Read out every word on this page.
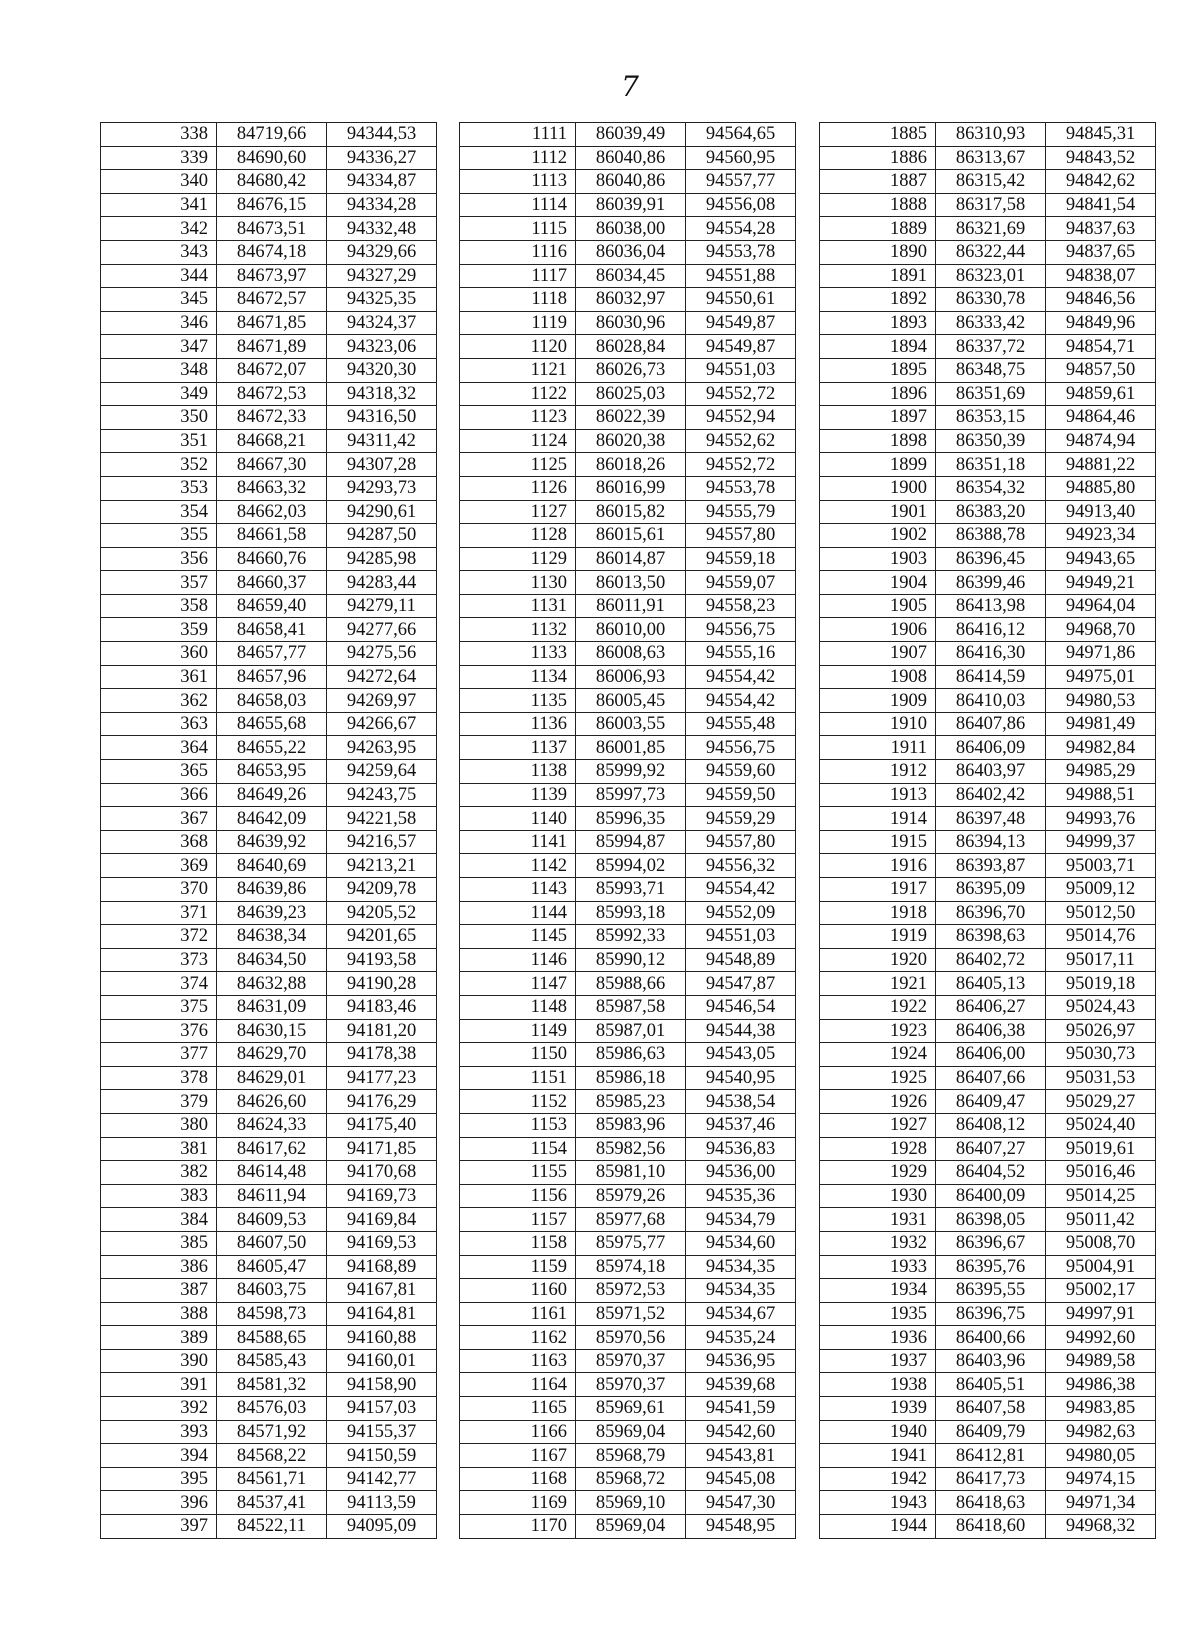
7
338	84719,66	94344,53
339	84690,60	94336,27
340	84680,42	94334,87
341	84676,15	94334,28
342	84673,51	94332,48
343	84674,18	94329,66
344	84673,97	94327,29
345	84672,57	94325,35
346	84671,85	94324,37
347	84671,89	94323,06
348	84672,07	94320,30
349	84672,53	94318,32
350	84672,33	94316,50
351	84668,21	94311,42
352	84667,30	94307,28
353	84663,32	94293,73
354	84662,03	94290,61
355	84661,58	94287,50
356	84660,76	94285,98
357	84660,37	94283,44
358	84659,40	94279,11
359	84658,41	94277,66
360	84657,77	94275,56
361	84657,96	94272,64
362	84658,03	94269,97
363	84655,68	94266,67
364	84655,22	94263,95
365	84653,95	94259,64
366	84649,26	94243,75
367	84642,09	94221,58
368	84639,92	94216,57
369	84640,69	94213,21
370	84639,86	94209,78
371	84639,23	94205,52
372	84638,34	94201,65
373	84634,50	94193,58
374	84632,88	94190,28
375	84631,09	94183,46
376	84630,15	94181,20
377	84629,70	94178,38
378	84629,01	94177,23
379	84626,60	94176,29
380	84624,33	94175,40
381	84617,62	94171,85
382	84614,48	94170,68
383	84611,94	94169,73
384	84609,53	94169,84
385	84607,50	94169,53
386	84605,47	94168,89
387	84603,75	94167,81
388	84598,73	94164,81
389	84588,65	94160,88
390	84585,43	94160,01
391	84581,32	94158,90
392	84576,03	94157,03
393	84571,92	94155,37
394	84568,22	94150,59
395	84561,71	94142,77
396	84537,41	94113,59
397	84522,11	94095,09
1111	86039,49	94564,65
1112	86040,86	94560,95
1113	86040,86	94557,77
1114	86039,91	94556,08
1115	86038,00	94554,28
1116	86036,04	94553,78
1117	86034,45	94551,88
1118	86032,97	94550,61
1119	86030,96	94549,87
1120	86028,84	94549,87
1121	86026,73	94551,03
1122	86025,03	94552,72
1123	86022,39	94552,94
1124	86020,38	94552,62
1125	86018,26	94552,72
1126	86016,99	94553,78
1127	86015,82	94555,79
1128	86015,61	94557,80
1129	86014,87	94559,18
1130	86013,50	94559,07
1131	86011,91	94558,23
1132	86010,00	94556,75
1133	86008,63	94555,16
1134	86006,93	94554,42
1135	86005,45	94554,42
1136	86003,55	94555,48
1137	86001,85	94556,75
1138	85999,92	94559,60
1139	85997,73	94559,50
1140	85996,35	94559,29
1141	85994,87	94557,80
1142	85994,02	94556,32
1143	85993,71	94554,42
1144	85993,18	94552,09
1145	85992,33	94551,03
1146	85990,12	94548,89
1147	85988,66	94547,87
1148	85987,58	94546,54
1149	85987,01	94544,38
1150	85986,63	94543,05
1151	85986,18	94540,95
1152	85985,23	94538,54
1153	85983,96	94537,46
1154	85982,56	94536,83
1155	85981,10	94536,00
1156	85979,26	94535,36
1157	85977,68	94534,79
1158	85975,77	94534,60
1159	85974,18	94534,35
1160	85972,53	94534,35
1161	85971,52	94534,67
1162	85970,56	94535,24
1163	85970,37	94536,95
1164	85970,37	94539,68
1165	85969,61	94541,59
1166	85969,04	94542,60
1167	85968,79	94543,81
1168	85968,72	94545,08
1169	85969,10	94547,30
1170	85969,04	94548,95
1885	86310,93	94845,31
1886	86313,67	94843,52
1887	86315,42	94842,62
1888	86317,58	94841,54
1889	86321,69	94837,63
1890	86322,44	94837,65
1891	86323,01	94838,07
1892	86330,78	94846,56
1893	86333,42	94849,96
1894	86337,72	94854,71
1895	86348,75	94857,50
1896	86351,69	94859,61
1897	86353,15	94864,46
1898	86350,39	94874,94
1899	86351,18	94881,22
1900	86354,32	94885,80
1901	86383,20	94913,40
1902	86388,78	94923,34
1903	86396,45	94943,65
1904	86399,46	94949,21
1905	86413,98	94964,04
1906	86416,12	94968,70
1907	86416,30	94971,86
1908	86414,59	94975,01
1909	86410,03	94980,53
1910	86407,86	94981,49
1911	86406,09	94982,84
1912	86403,97	94985,29
1913	86402,42	94988,51
1914	86397,48	94993,76
1915	86394,13	94999,37
1916	86393,87	95003,71
1917	86395,09	95009,12
1918	86396,70	95012,50
1919	86398,63	95014,76
1920	86402,72	95017,11
1921	86405,13	95019,18
1922	86406,27	95024,43
1923	86406,38	95026,97
1924	86406,00	95030,73
1925	86407,66	95031,53
1926	86409,47	95029,27
1927	86408,12	95024,40
1928	86407,27	95019,61
1929	86404,52	95016,46
1930	86400,09	95014,25
1931	86398,05	95011,42
1932	86396,67	95008,70
1933	86395,76	95004,91
1934	86395,55	95002,17
1935	86396,75	94997,91
1936	86400,66	94992,60
1937	86403,96	94989,58
1938	86405,51	94986,38
1939	86407,58	94983,85
1940	86409,79	94982,63
1941	86412,81	94980,05
1942	86417,73	94974,15
1943	86418,63	94971,34
1944	86418,60	94968,32
